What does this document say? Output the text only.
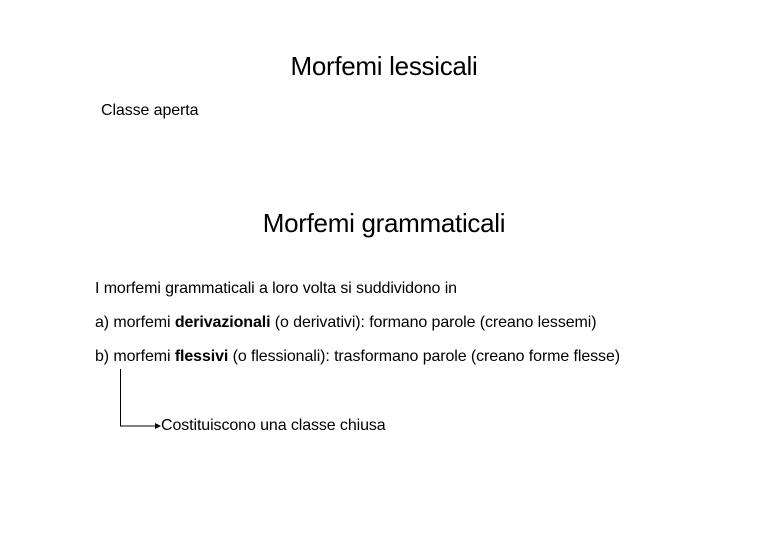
Morfemi lessicali
Classe aperta
Morfemi grammaticali
I morfemi grammaticali a loro volta si suddividono in
a) morfemi derivazionali (o derivativi): formano parole (creano lessemi)
b) morfemi flessivi (o flessionali): trasformano parole (creano forme flesse)
Costituiscono una classe chiusa
